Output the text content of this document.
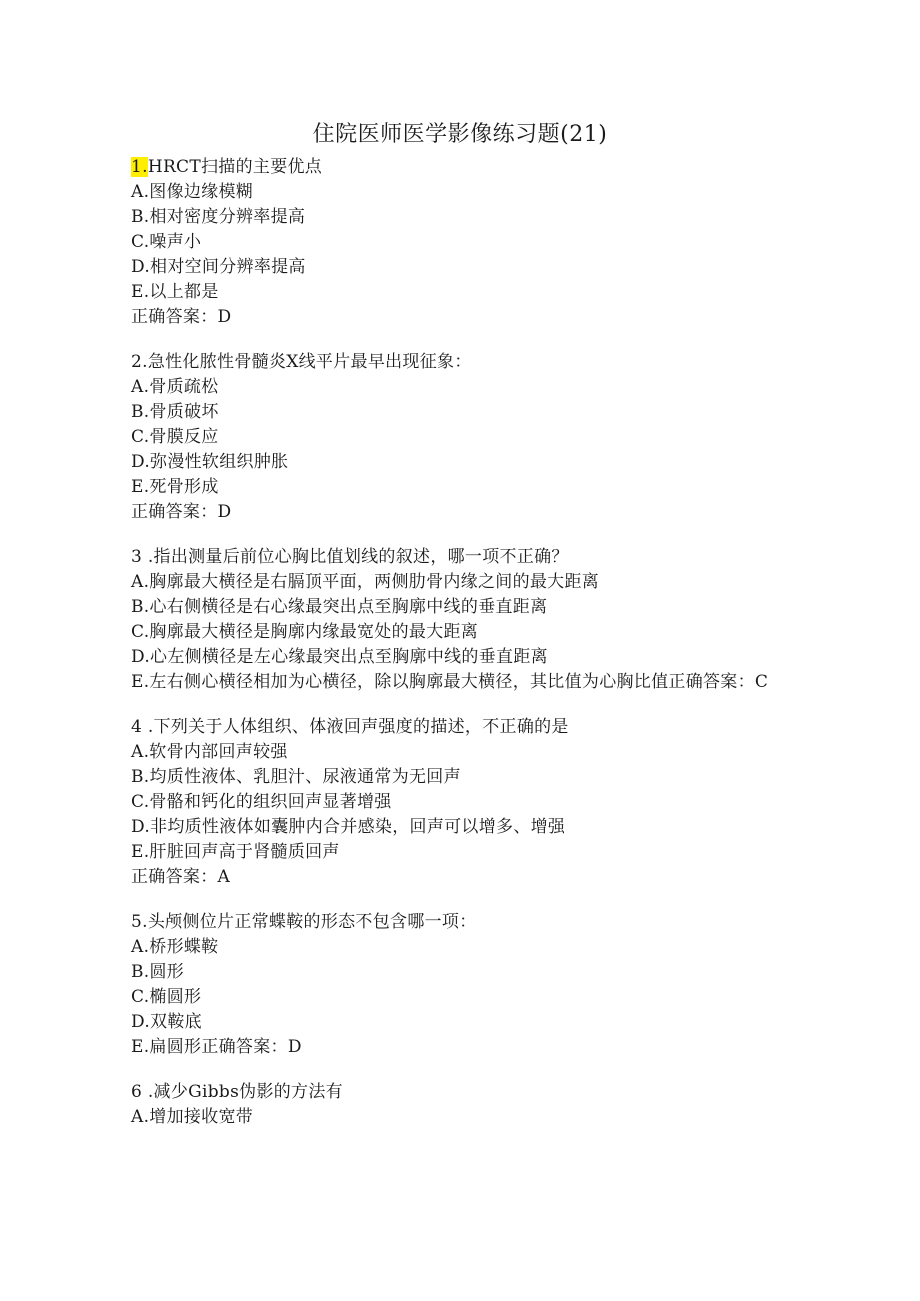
住院医师医学影像练习题(21)
1.HRCT扫描的主要优点
A.图像边缘模糊
B.相对密度分辨率提高
C.噪声小
D.相对空间分辨率提高
E.以上都是
正确答案：D
2.急性化脓性骨髓炎X线平片最早出现征象：
A.骨质疏松
B.骨质破坏
C.骨膜反应
D.弥漫性软组织肿胀
E.死骨形成
正确答案：D
3 .指出测量后前位心胸比值划线的叙述，哪一项不正确？
A.胸廓最大横径是右膈顶平面，两侧肋骨内缘之间的最大距离
B.心右侧横径是右心缘最突出点至胸廓中线的垂直距离
C.胸廓最大横径是胸廓内缘最宽处的最大距离
D.心左侧横径是左心缘最突出点至胸廓中线的垂直距离
E.左右侧心横径相加为心横径，除以胸廓最大横径，其比值为心胸比值正确答案：C
4 .下列关于人体组织、体液回声强度的描述，不正确的是
A.软骨内部回声较强
B.均质性液体、乳胆汁、尿液通常为无回声
C.骨骼和钙化的组织回声显著增强
D.非均质性液体如囊肿内合并感染，回声可以增多、增强
E.肝脏回声高于肾髓质回声
正确答案：A
5.头颅侧位片正常蝶鞍的形态不包含哪一项：
A.桥形蝶鞍
B.圆形
C.椭圆形
D.双鞍底
E.扁圆形正确答案：D
6 .减少Gibbs伪影的方法有
A.增加接收宽带
